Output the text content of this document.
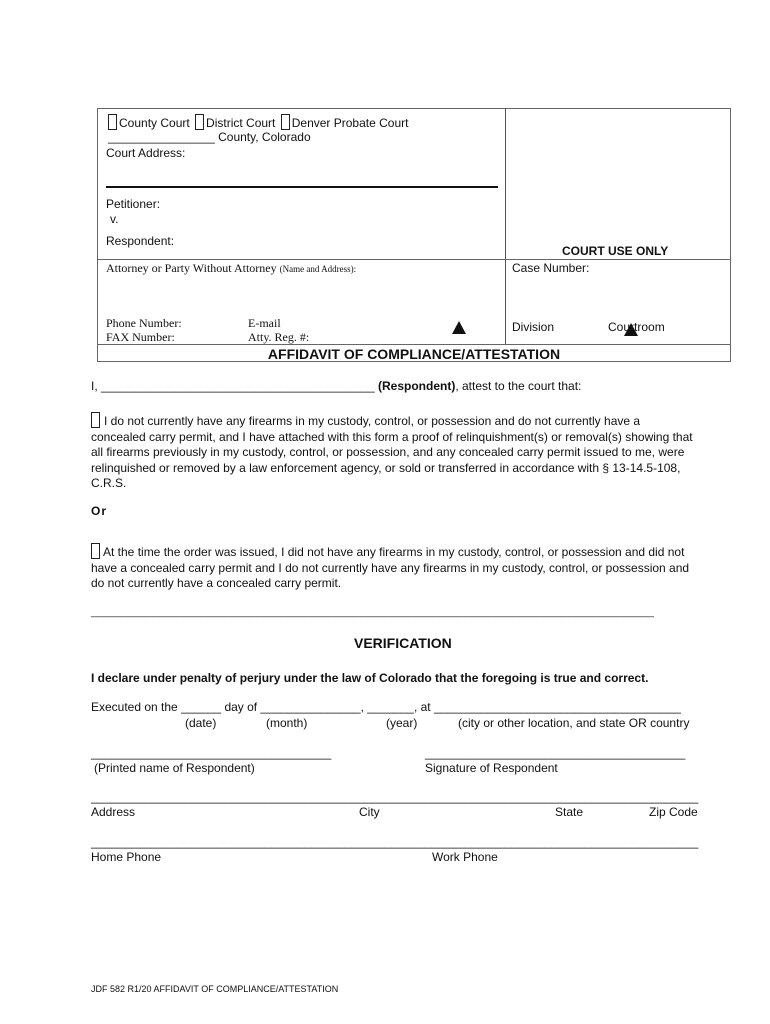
County Court District Court Denver Probate Court
________________ County, Colorado
Court Address:
Petitioner:
v.
Respondent:
COURT USE ONLY
Attorney or Party Without Attorney (Name and Address):	Case Number:
Phone Number:	E-mail
FAX Number:	Atty. Reg. #:
Division	Courtroom
AFFIDAVIT OF COMPLIANCE/ATTESTATION
I, _________________________________________ (Respondent), attest to the court that:
I do not currently have any firearms in my custody, control, or possession and do not currently have a
concealed carry permit, and I have attached with this form a proof of relinquishment(s) or removal(s) showing that
all firearms previously in my custody, control, or possession, and any concealed carry permit issued to me, were
relinquished or removed by a law enforcement agency, or sold or transferred in accordance with § 13-14.5-108,
C.R.S.
Or
At the time the order was issued, I did not have any firearms in my custody, control, or possession and did not
have a concealed carry permit and I do not currently have any firearms in my custody, control, or possession and
do not currently have a concealed carry permit.
____________________________________________________________________________________________
VERIFICATION
I declare under penalty of perjury under the law of Colorado that the foregoing is true and correct.
Executed on the ______ day of _______________, _______, at _____________________________________
(date)	(month)	(year)	(city or other location, and state OR country
____________________________________	_______________________________________
(Printed name of Respondent)	Signature of Respondent
___________________________________________________________________________________________
Address	City	State	Zip Code
___________________________________________________________________________________________
Home Phone	Work Phone
JDF 582 R1/20 AFFIDAVIT OF COMPLIANCE/ATTESTATION
